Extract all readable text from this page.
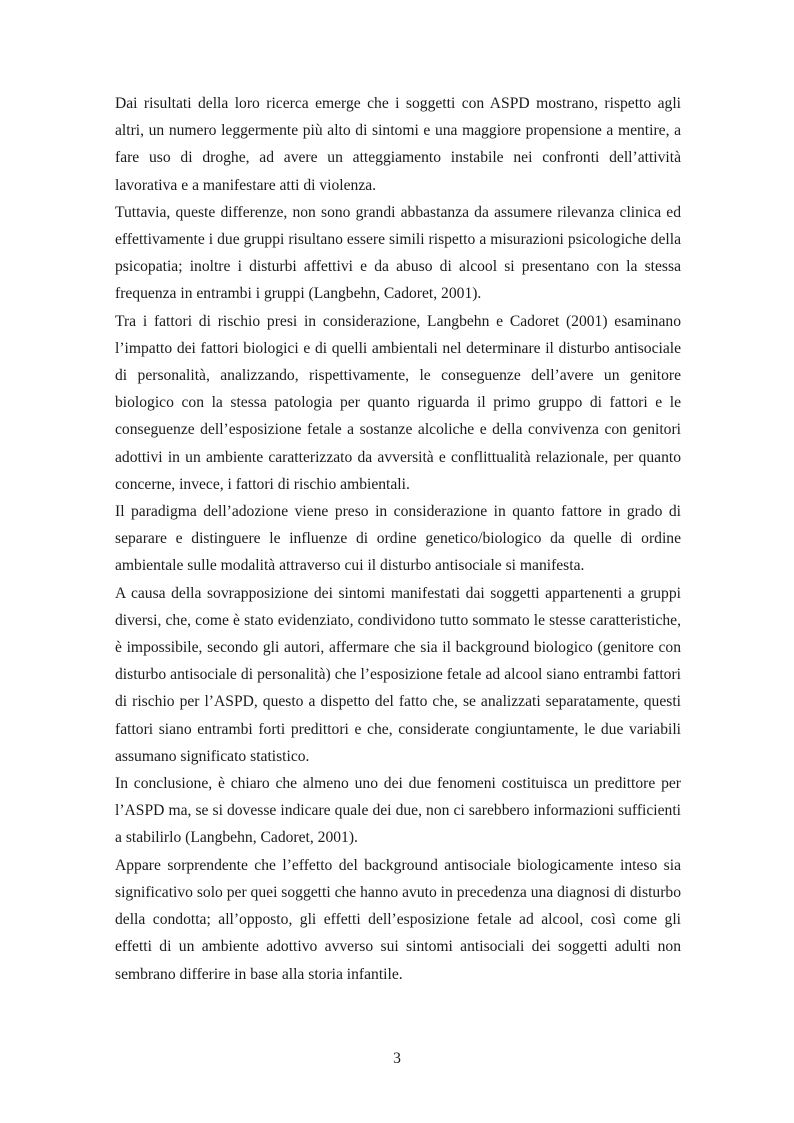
Dai risultati della loro ricerca emerge che i soggetti con ASPD mostrano, rispetto agli altri, un numero leggermente più alto di sintomi e una maggiore propensione a mentire, a fare uso di droghe, ad avere un atteggiamento instabile nei confronti dell’attività lavorativa e a manifestare atti di violenza.

Tuttavia, queste differenze, non sono grandi abbastanza da assumere rilevanza clinica ed effettivamente i due gruppi risultano essere simili rispetto a misurazioni psicologiche della psicopatia; inoltre i disturbi affettivi e da abuso di alcool si presentano con la stessa frequenza in entrambi i gruppi (Langbehn, Cadoret, 2001).

Tra i fattori di rischio presi in considerazione, Langbehn e Cadoret (2001) esaminano l’impatto dei fattori biologici e di quelli ambientali nel determinare il disturbo antisociale di personalità, analizzando, rispettivamente, le conseguenze dell’avere un genitore biologico con la stessa patologia per quanto riguarda il primo gruppo di fattori e le conseguenze dell’esposizione fetale a sostanze alcoliche e della convivenza con genitori adottivi in un ambiente caratterizzato da avversità e conflittualità relazionale, per quanto concerne, invece, i fattori di rischio ambientali.

Il paradigma dell’adozione viene preso in considerazione in quanto fattore in grado di separare e distinguere le influenze di ordine genetico/biologico da quelle di ordine ambientale sulle modalità attraverso cui il disturbo antisociale si manifesta.

A causa della sovrapposizione dei sintomi manifestati dai soggetti appartenenti a gruppi diversi, che, come è stato evidenziato, condividono tutto sommato le stesse caratteristiche, è impossibile, secondo gli autori, affermare che sia il background biologico (genitore con disturbo antisociale di personalità) che l’esposizione fetale ad alcool siano entrambi fattori di rischio per l’ASPD, questo a dispetto del fatto che, se analizzati separatamente, questi fattori siano entrambi forti predittori e che, considerate congiuntamente, le due variabili assumano significato statistico.

In conclusione, è chiaro che almeno uno dei due fenomeni costituisca un predittore per l’ASPD ma, se si dovesse indicare quale dei due, non ci sarebbero informazioni sufficienti a stabilirlo (Langbehn, Cadoret, 2001).

Appare sorprendente che l’effetto del background antisociale biologicamente inteso sia significativo solo per quei soggetti che hanno avuto in precedenza una diagnosi di disturbo della condotta; all’opposto, gli effetti dell’esposizione fetale ad alcool, così come gli effetti di un ambiente adottivo avverso sui sintomi antisociali dei soggetti adulti non sembrano differire in base alla storia infantile.

3
